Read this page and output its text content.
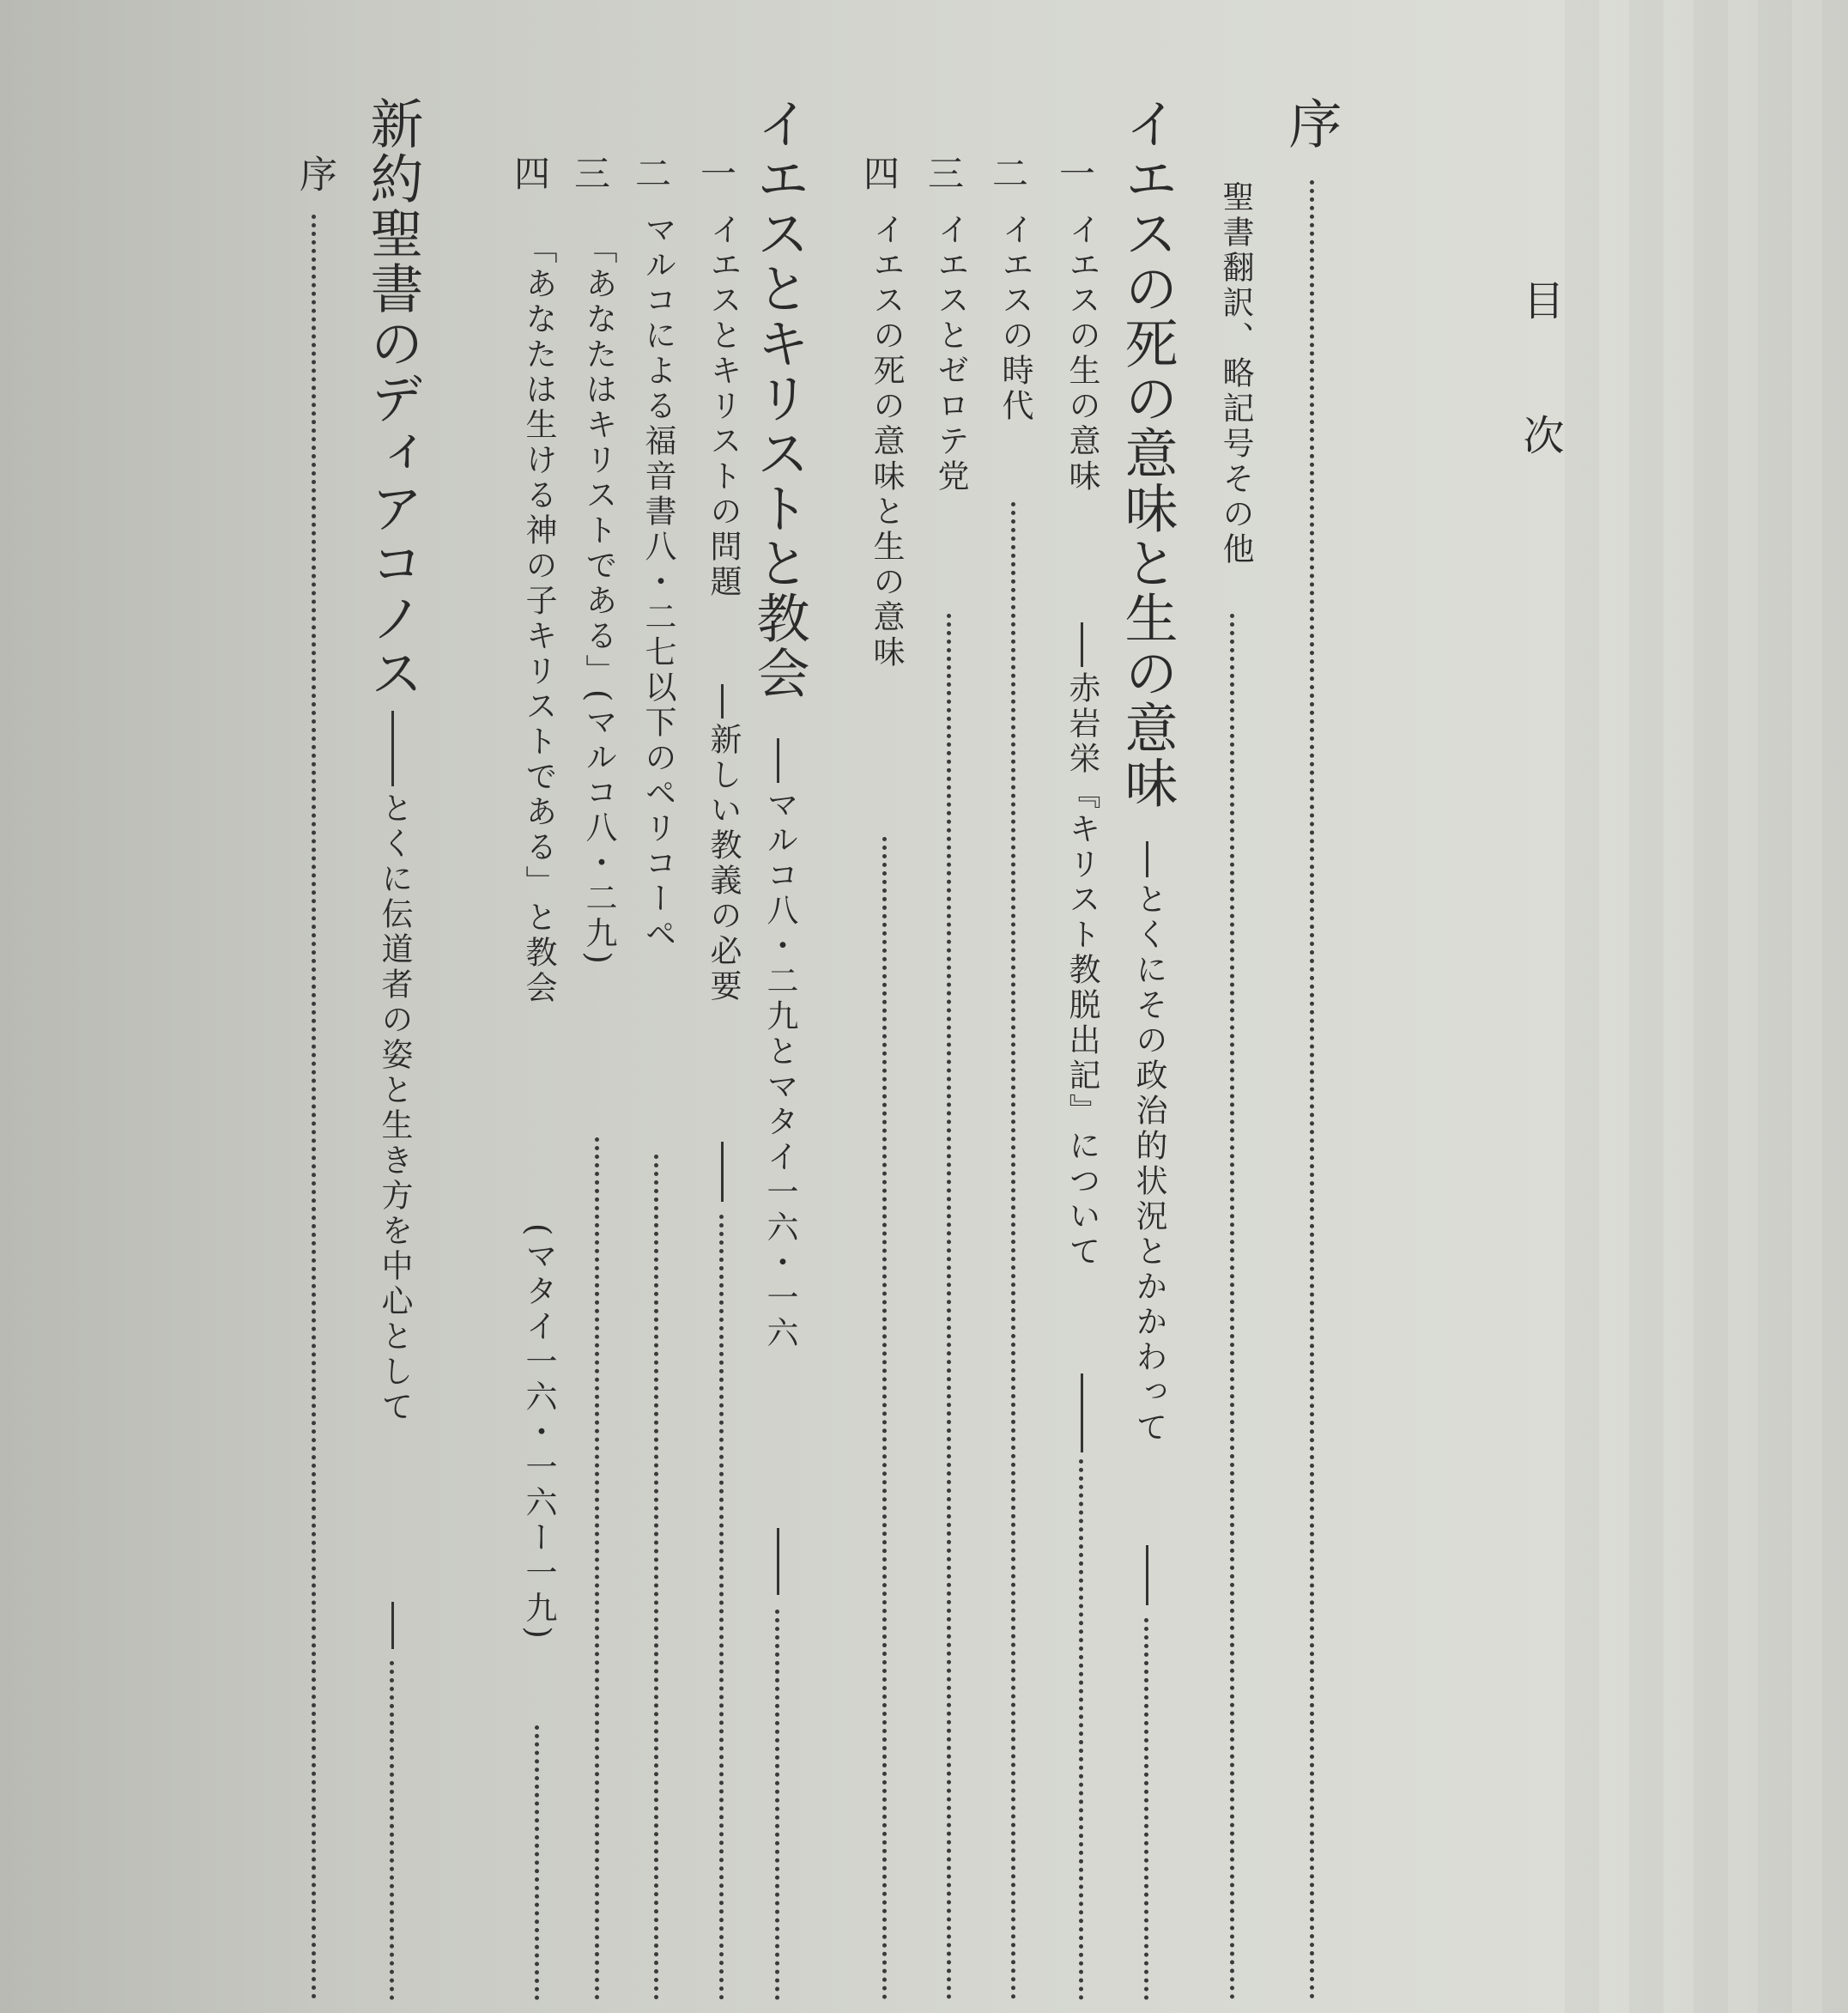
目
次
序
聖書翻訳、略記号その他
イエスの死の意味と生の意味
とくにその政治的状況とかかわって
一
イエスの生の意味
赤岩栄『キリスト教脱出記』について
二
イエスの時代
三
イエスとゼロテ党
四
イエスの死の意味と生の意味
イエスとキリストと教会
マルコ八・二九とマタイ一六・一六
一
イエスとキリストの問題
新しい教義の必要
二
マルコによる福音書八・二七以下のペリコーペ
三
「あなたはキリストである」(マルコ八・二九)
四
「あなたは生ける神の子キリストである」と教会
(マタイ一六・一六ー一九)
新約聖書のディアコノス
とくに伝道者の姿と生き方を中心として
序
